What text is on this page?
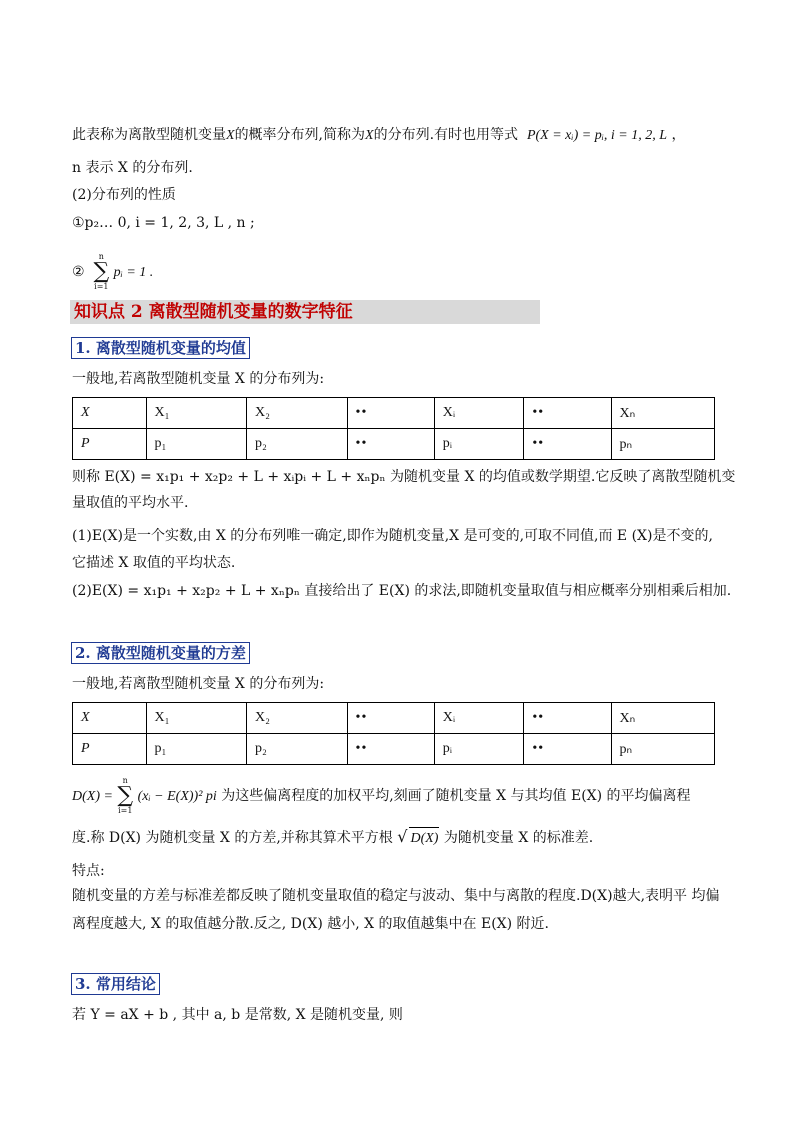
此表称为离散型随机变量X的概率分布列,简称为X的分布列.有时也用等式 P(X = xᵢ) = pᵢ, i = 1, 2, L ，
n 表示 X 的分布列.
(2)分布列的性质
①p₂… 0, i = 1, 2, 3, L , n ;
②
n
∑
i=1
pᵢ = 1 .
知识点 2 离散型随机变量的数字特征
1. 离散型随机变量的均值
一般地,若离散型随机变量 X 的分布列为:
X	X₁	X₂	••	Xᵢ	••	Xₙ
P	p₁	p₂	••	pᵢ	••	pₙ
则称 E(X) = x₁p₁ + x₂p₂ + L + xᵢpᵢ + L + xₙpₙ 为随机变量 X 的均值或数学期望.它反映了离散型随机变
量取值的平均水平.
(1)E(X)是一个实数,由 X 的分布列唯一确定,即作为随机变量,X 是可变的,可取不同值,而 E (X)是不变的,
它描述 X 取值的平均状态.
(2)E(X) = x₁p₁ + x₂p₂ + L + xₙpₙ 直接给出了 E(X) 的求法,即随机变量取值与相应概率分别相乘后相加.
2. 离散型随机变量的方差
一般地,若离散型随机变量 X 的分布列为:
X	X₁	X₂	••	Xᵢ	••	Xₙ
P	p₁	p₂	••	pᵢ	••	pₙ
D(X) =
n
∑
i=1
(xᵢ − E(X))² pi 为这些偏离程度的加权平均,刻画了随机变量 X 与其均值 E(X) 的平均偏离程
度.称 D(X) 为随机变量 X 的方差,并称其算术平方根 √ D(X) 为随机变量 X 的标准差.
特点:
随机变量的方差与标准差都反映了随机变量取值的稳定与波动、集中与离散的程度.D(X)越大,表明平 均偏
离程度越大, X 的取值越分散.反之, D(X) 越小, X 的取值越集中在 E(X) 附近.
3. 常用结论
若 Y = aX + b , 其中 a, b 是常数, X 是随机变量, 则
